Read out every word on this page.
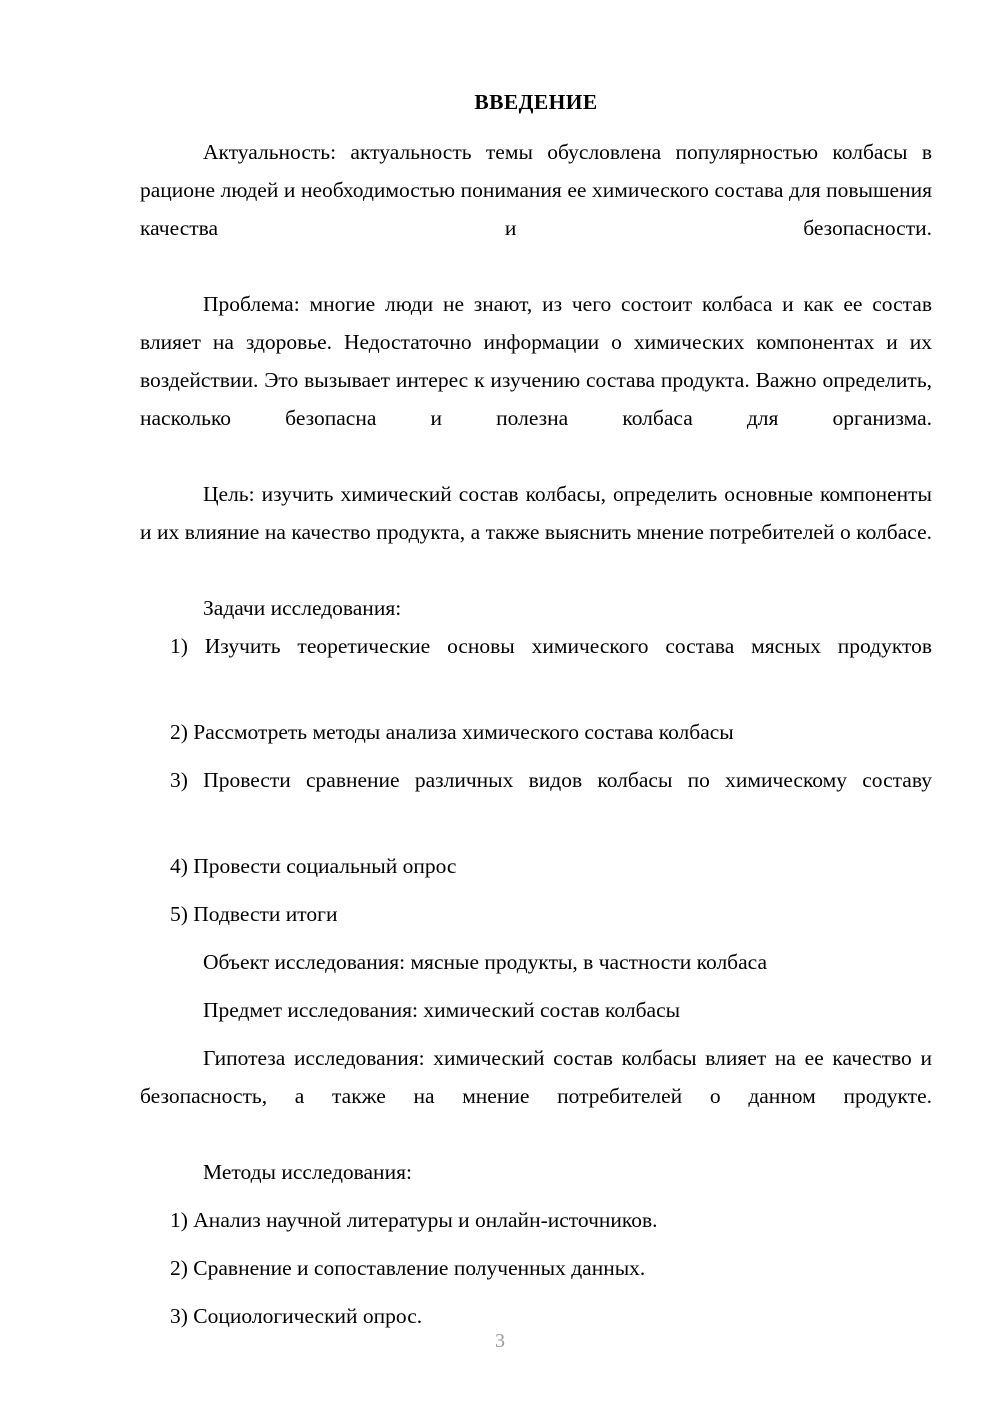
ВВЕДЕНИЕ

Актуальность: актуальность темы обусловлена популярностью колбасы в рационе людей и необходимостью понимания ее химического состава для повышения качества и безопасности.

Проблема: многие люди не знают, из чего состоит колбаса и как ее состав влияет на здоровье. Недостаточно информации о химических компонентах и их воздействии. Это вызывает интерес к изучению состава продукта. Важно определить, насколько безопасна и полезна колбаса для организма.

Цель: изучить химический состав колбасы, определить основные компоненты и их влияние на качество продукта, а также выяснить мнение потребителей о колбасе.

Задачи исследования:

1) Изучить теоретические основы химического состава мясных продуктов

2) Рассмотреть методы анализа химического состава колбасы

3) Провести сравнение различных видов колбасы по химическому составу

4) Провести социальный опрос

5) Подвести итоги

Объект исследования: мясные продукты, в частности колбаса

Предмет исследования: химический состав колбасы

Гипотеза исследования: химический состав колбасы влияет на ее качество и безопасность, а также на мнение потребителей о данном продукте.

Методы исследования:

1) Анализ научной литературы и онлайн-источников.

2) Сравнение и сопоставление полученных данных.

3) Социологический опрос.

3
